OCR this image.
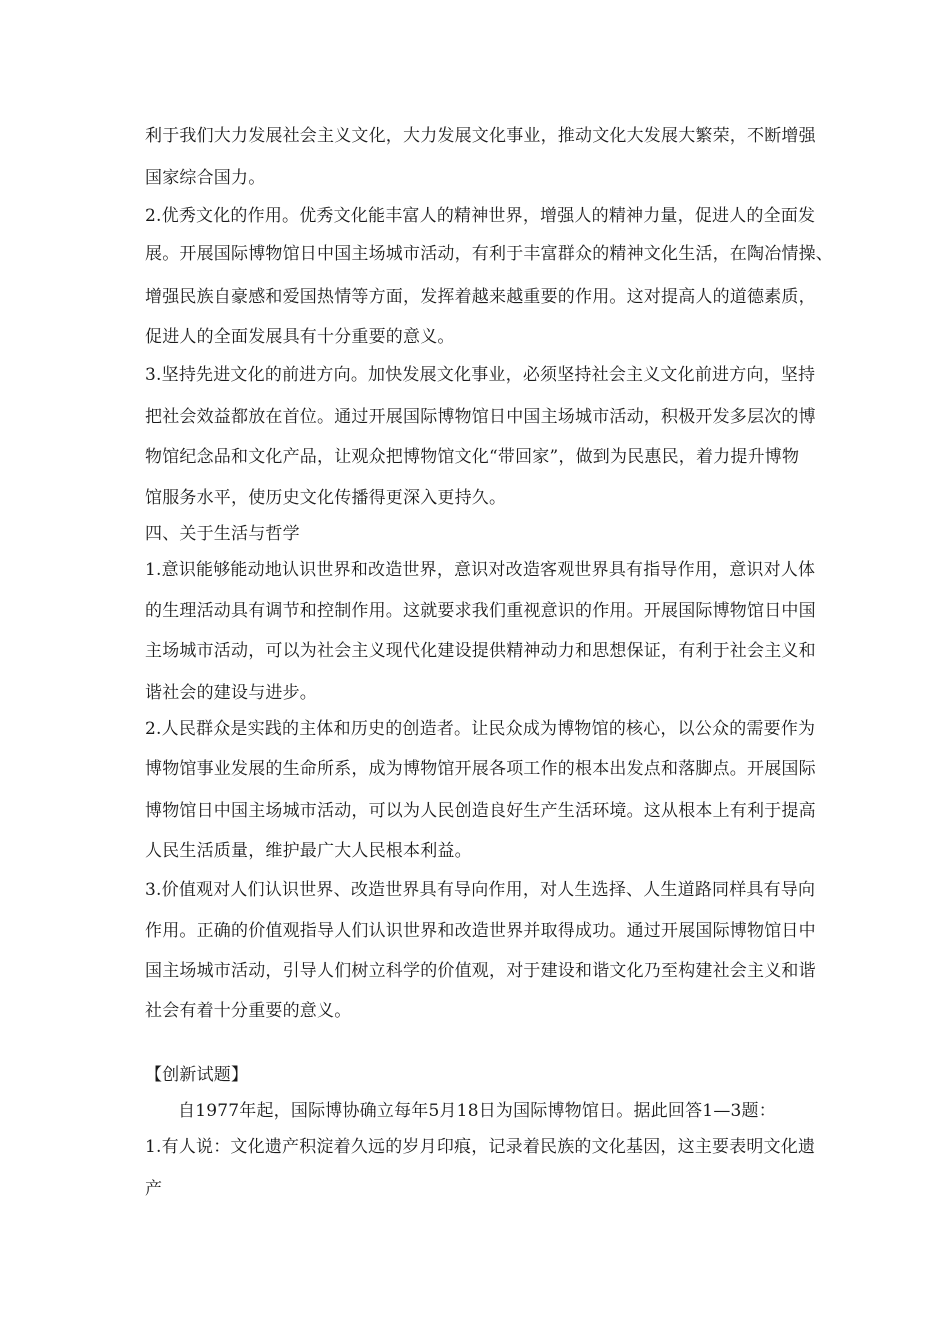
利于我们大力发展社会主义文化，大力发展文化事业，推动文化大发展大繁荣，不断增强
国家综合国力。
2.优秀文化的作用。优秀文化能丰富人的精神世界，增强人的精神力量，促进人的全面发
展。开展国际博物馆日中国主场城市活动，有利于丰富群众的精神文化生活，在陶冶情操、
增强民族自豪感和爱国热情等方面，发挥着越来越重要的作用。这对提高人的道德素质，
促进人的全面发展具有十分重要的意义。
3.坚持先进文化的前进方向。加快发展文化事业，必须坚持社会主义文化前进方向，坚持
把社会效益都放在首位。通过开展国际博物馆日中国主场城市活动，积极开发多层次的博
物馆纪念品和文化产品，让观众把博物馆文化“带回家”，做到为民惠民，着力提升博物
馆服务水平，使历史文化传播得更深入更持久。
四、关于生活与哲学
1.意识能够能动地认识世界和改造世界，意识对改造客观世界具有指导作用，意识对人体
的生理活动具有调节和控制作用。这就要求我们重视意识的作用。开展国际博物馆日中国
主场城市活动，可以为社会主义现代化建设提供精神动力和思想保证，有利于社会主义和
谐社会的建设与进步。
2.人民群众是实践的主体和历史的创造者。让民众成为博物馆的核心，以公众的需要作为
博物馆事业发展的生命所系，成为博物馆开展各项工作的根本出发点和落脚点。开展国际
博物馆日中国主场城市活动，可以为人民创造良好生产生活环境。这从根本上有利于提高
人民生活质量，维护最广大人民根本利益。
3.价值观对人们认识世界、改造世界具有导向作用，对人生选择、人生道路同样具有导向
作用。正确的价值观指导人们认识世界和改造世界并取得成功。通过开展国际博物馆日中
国主场城市活动，引导人们树立科学的价值观，对于建设和谐文化乃至构建社会主义和谐
社会有着十分重要的意义。
【创新试题】
自1977年起，国际博协确立每年5月18日为国际博物馆日。据此回答1—3题：
1.有人说：文化遗产积淀着久远的岁月印痕，记录着民族的文化基因，这主要表明文化遗
产
